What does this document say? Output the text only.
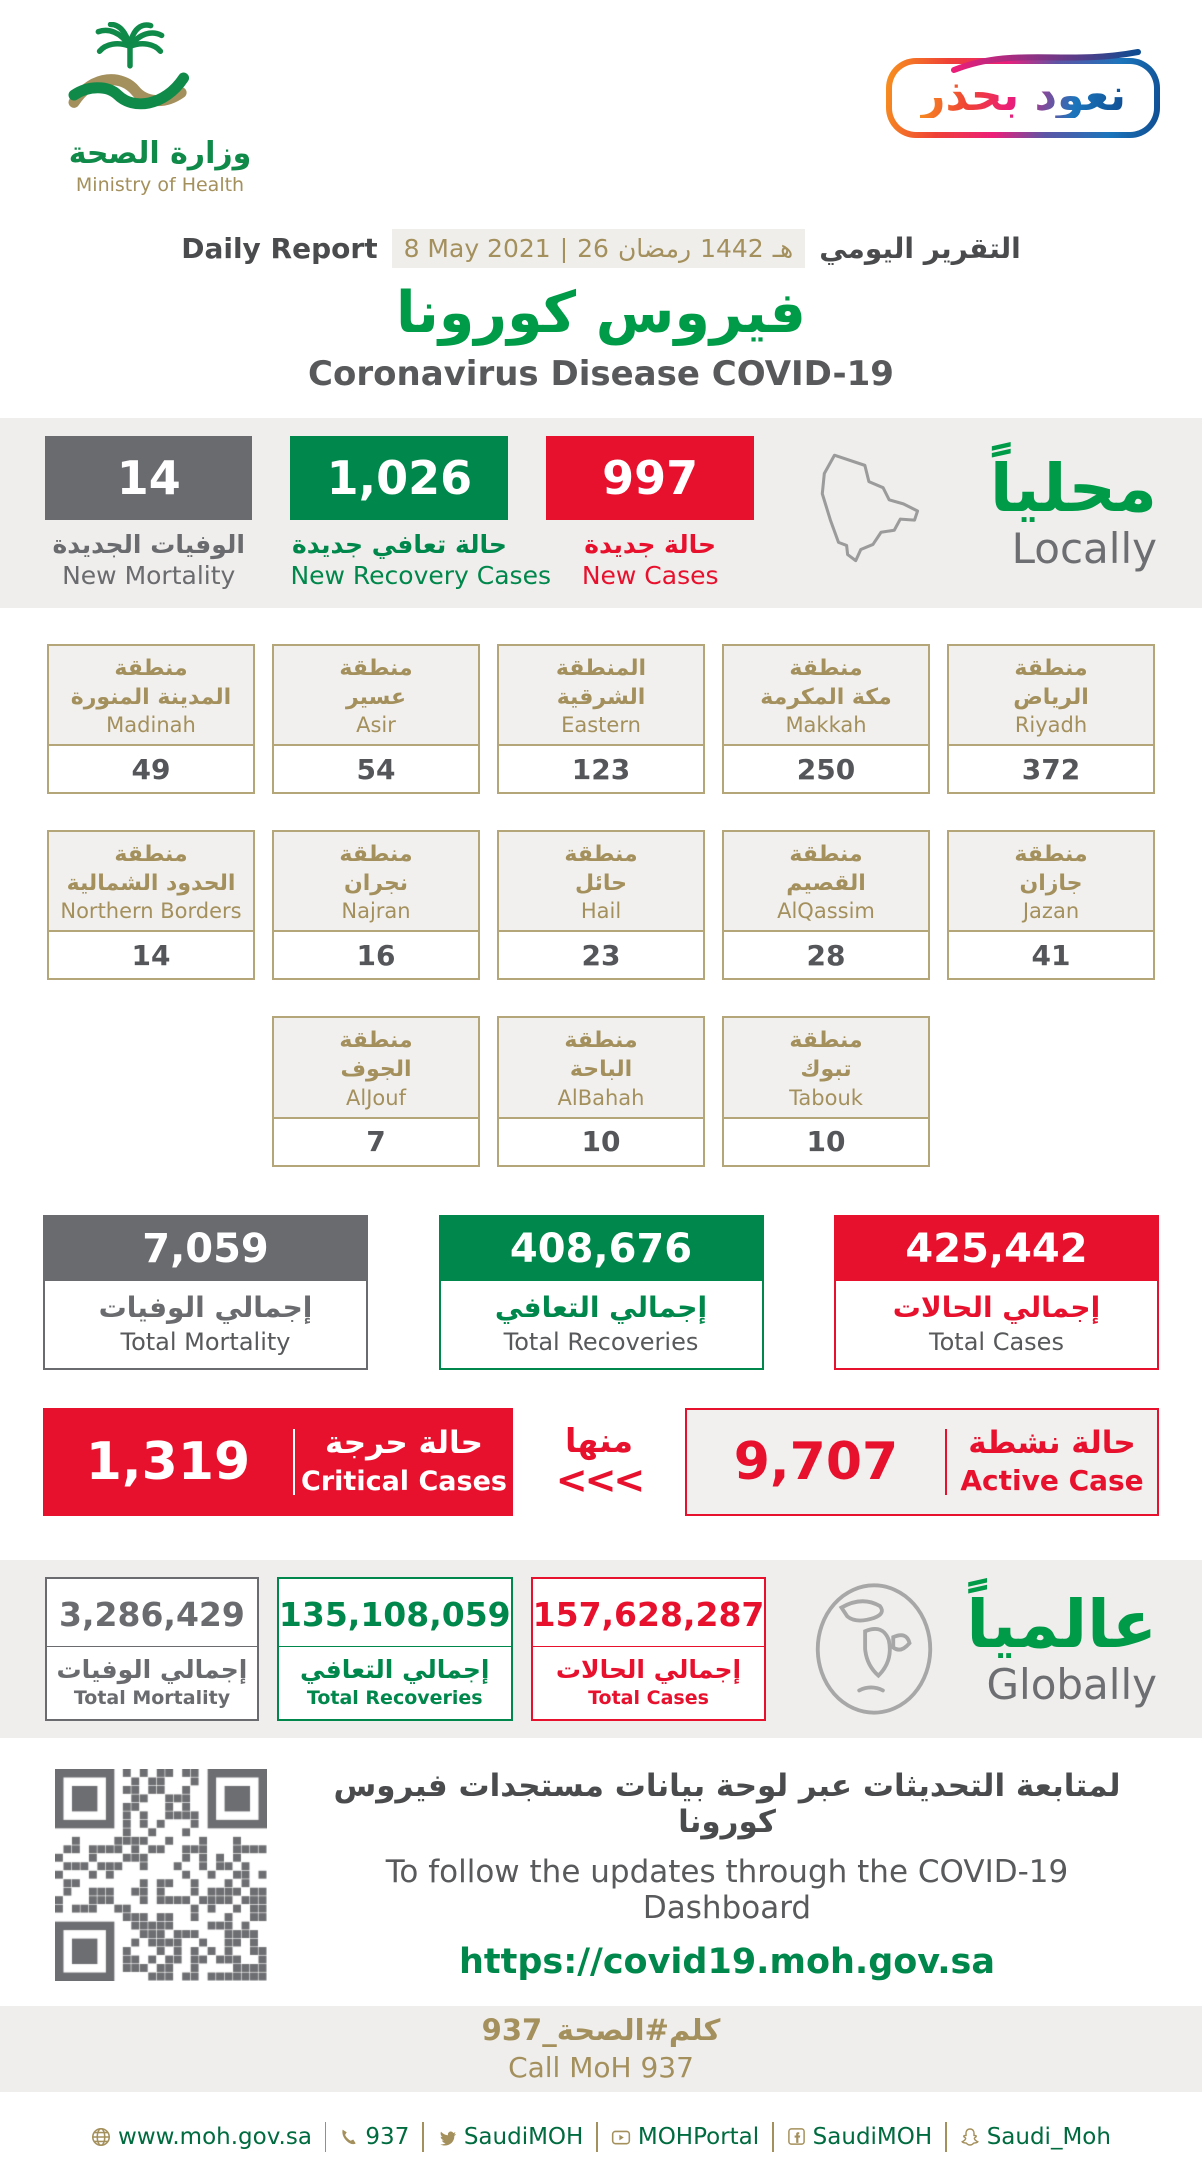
وزارة الصحة
Ministry of Health
نعود بحذر
Daily Report 8 May 2021 | 26 رمضان 1442 هـ التقرير اليومي
فيروس كورونا
Coronavirus Disease COVID-19
14
الوفيات الجديدة
New Mortality
1,026
حالة تعافي جديدة
New Recovery Cases
997
حالة جديدة
New Cases
محلياً
Locally
منطقة
المدينة المنورة
Madinah
49
منطقة
عسير
Asir
54
المنطقة
الشرقية
Eastern
123
منطقة
مكة المكرمة
Makkah
250
منطقة
الرياض
Riyadh
372
منطقة
الحدود الشمالية
Northern Borders
14
منطقة
نجران
Najran
16
منطقة
حائل
Hail
23
منطقة
القصيم
AlQassim
28
منطقة
جازان
Jazan
41
منطقة
الجوف
AlJouf
7
منطقة
الباحة
AlBahah
10
منطقة
تبوك
Tabouk
10
7,059
إجمالي الوفيات
Total Mortality
408,676
إجمالي التعافي
Total Recoveries
425,442
إجمالي الحالات
Total Cases
1,319	حالة حرجة
Critical Cases
منها
<<<	9,707	حالة نشطة
Active Case
3,286,429
إجمالي الوفيات
Total Mortality
135,108,059
إجمالي التعافي
Total Recoveries
157,628,287
إجمالي الحالات
Total Cases
عالمياً
Globally
لمتابعة التحديثات عبر لوحة بيانات مستجدات فيروس كورونا
To follow the updates through the COVID-19 Dashboard
https://covid19.moh.gov.sa
كلم#الصحة_937
Call MoH 937
www.moh.gov.sa 937 SaudiMOH MOHPortal SaudiMOH Saudi_Moh
